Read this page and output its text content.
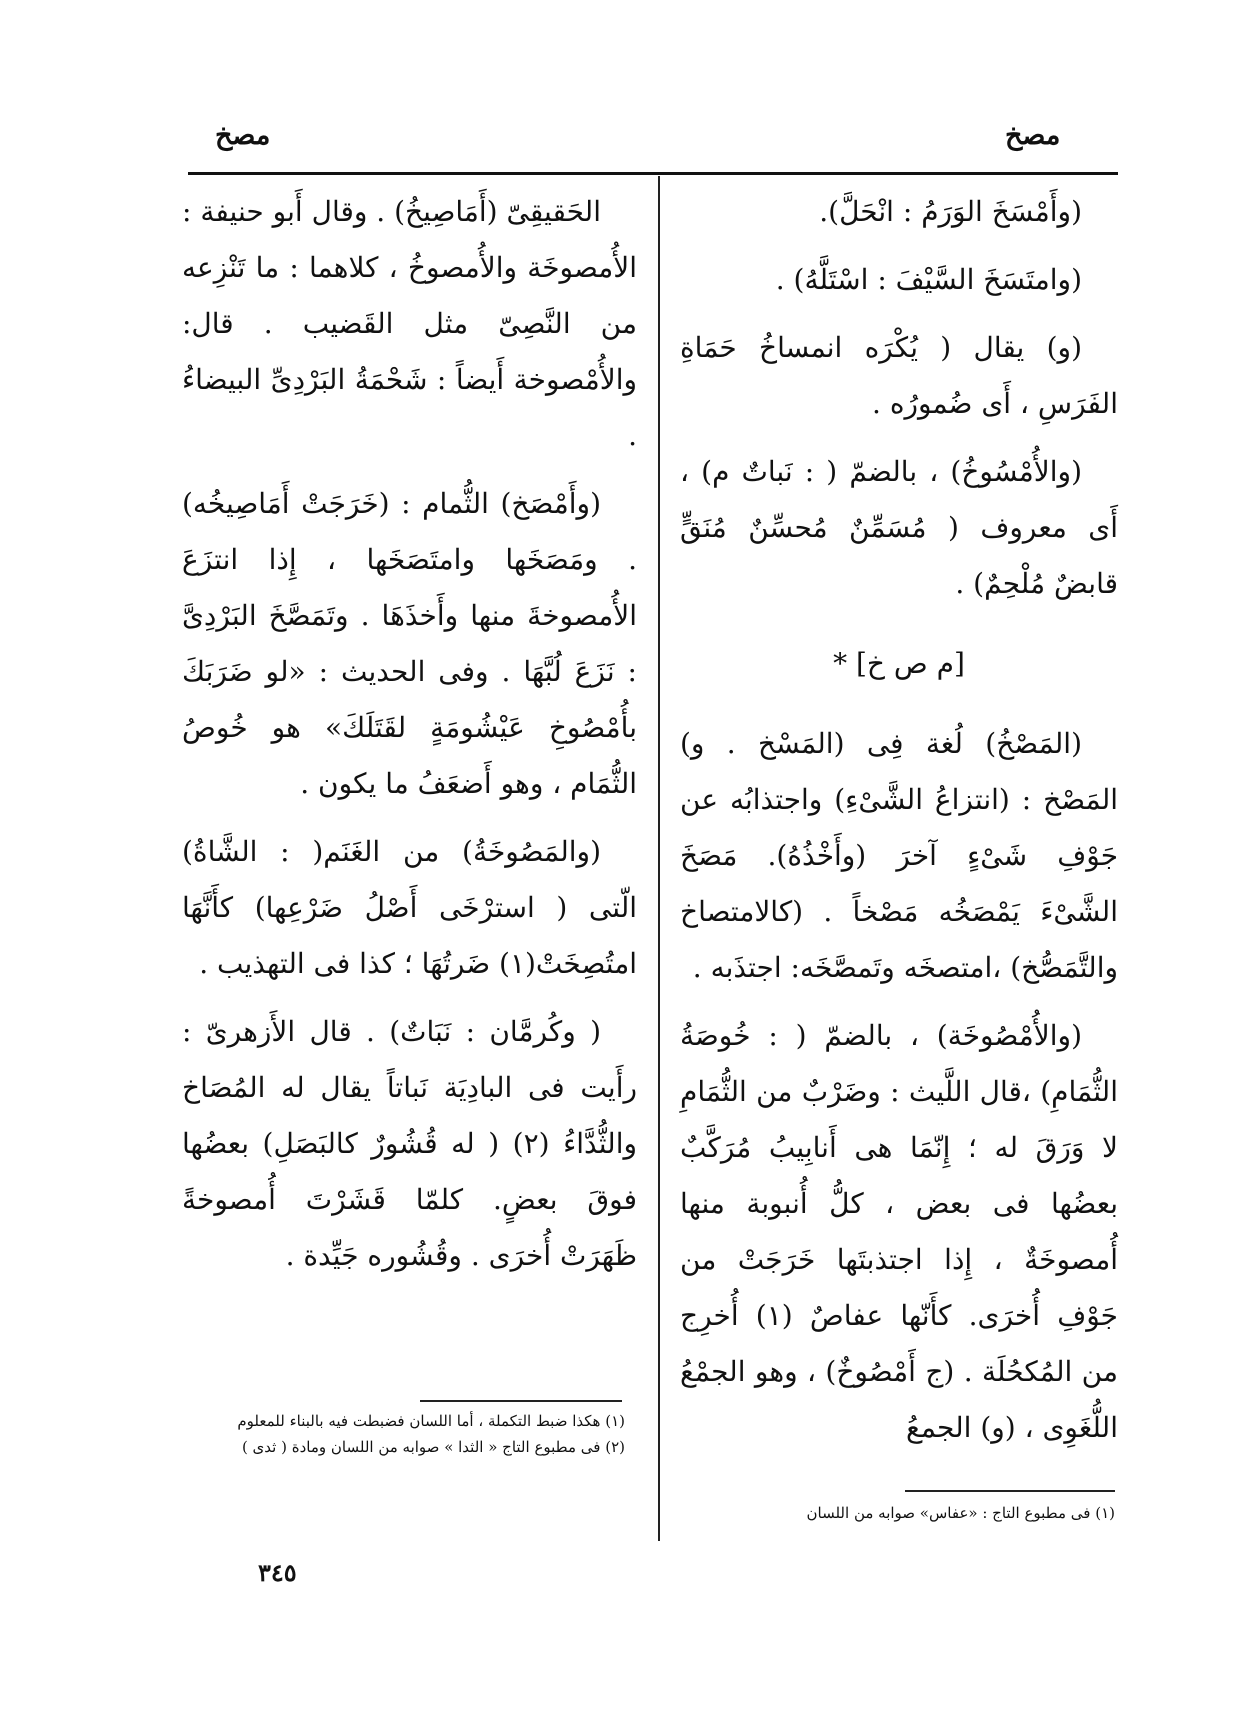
مصخ	مصخ

(وأَمْسَخَ الوَرَمُ : انْحَلَّ).

(وامتَسَخَ السَّيْفَ : اسْتَلَّهُ) .

(و) يقال ( يُكْرَه انمساخُ حَمَاةِ الفَرَسِ ، أَى ضُمورُه .

(والأُمْسُوخُ) ، بالضمّ ( : نَباتٌ م) ، أَى معروف ( مُسَمِّنٌ مُحسِّنٌ مُنَقٍّ قابضٌ مُلْحِمٌ) .

[م ص خ] *

(المَصْخُ) لُغة فِى (المَسْخ . و) المَصْخ : (انتزاعُ الشَّىْءِ) واجتذابُه عن جَوْفِ شَىْءٍ آخرَ (وأَخْذُهُ). مَصَخَ الشَّىْءَ يَمْصَخُه مَصْخاً . (كالامتصاخ والتَّمَصُّخ) ،امتصخَه وتَمصَّخَه: اجتذَبه .

(والأُمْصُوخَة) ، بالضمّ ( : خُوصَةُ الثُّمَامِ) ،قال اللَّيث : وضَرْبٌ من الثُّمَامِ لا وَرَقَ له ؛ إِنّمَا هى أَنابِيبُ مُرَكَّبٌ بعضُها فى بعض ، كلُّ أُنبوبة منها أُمصوخَةٌ ، إِذا اجتذبتَها خَرَجَتْ من جَوْفِ أُخرَى. كأَنّها عفاصٌ (١) أُخرِج من المُكحُلَة . (ج أَمْصُوخٌ) ، وهو الجمْعُ اللُّغَوِى ، (و) الجمعُ

الحَقيقِىّ (أَمَاصِيخُ) . وقال أَبو حنيفة : الأُمصوخَة والأُمصوخُ ، كلاهما : ما تَنْزِعه من النَّصِىّ مثل القَضيب . قال: والأُمْصوخة أَيضاً : شَحْمَةُ البَرْدِىِّ البيضاءُ .

(وأَمْصَخ) الثُّمام : (خَرَجَتْ أَمَاصِيخُه) . ومَصَخَها وامتَصَخَها ، إِذا انتزَعَ الأُمصوخةَ منها وأَخذَهَا . وتَمَصَّخَ البَرْدِىَّ : نَزَعَ لُبَّهَا . وفى الحديث : «لو ضَرَبَكَ بأُمْصُوخِ عَيْشُومَةٍ لقَتَلَكَ» هو خُوصُ الثُّمَام ، وهو أَضعَفُ ما يكون .

(والمَصُوخَةُ) من الغَنَم( : الشَّاةُ) الّتى ( استرْخَى أَصْلُ ضَرْعِها) كأَنَّهَا امتُصِخَتْ(١) ضَرتُهَا ؛ كذا فى التهذيب .

( وكُرمَّان : نَبَاتٌ) . قال الأَزهرىّ : رأَيت فى البادِيَة نَباتاً يقال له المُصَاخ والثُّدَّاءُ (٢) ( له قُشُورٌ كالبَصَلِ) بعضُها فوقَ بعضٍ. كلمّا قَشَرْتَ أُمصوخةً ظَهَرَتْ أُخرَى . وقُشُوره جَيِّدة .

(١) هكذا ضبط التكملة ، أما اللسان فضبطت فيه بالبناء للمعلوم
(٢) فى مطبوع التاج « الثدا » صوابه من اللسان ومادة ( ثدى )
(١) فى مطبوع التاج : «عفاس» صوابه من اللسان
٣٤٥
